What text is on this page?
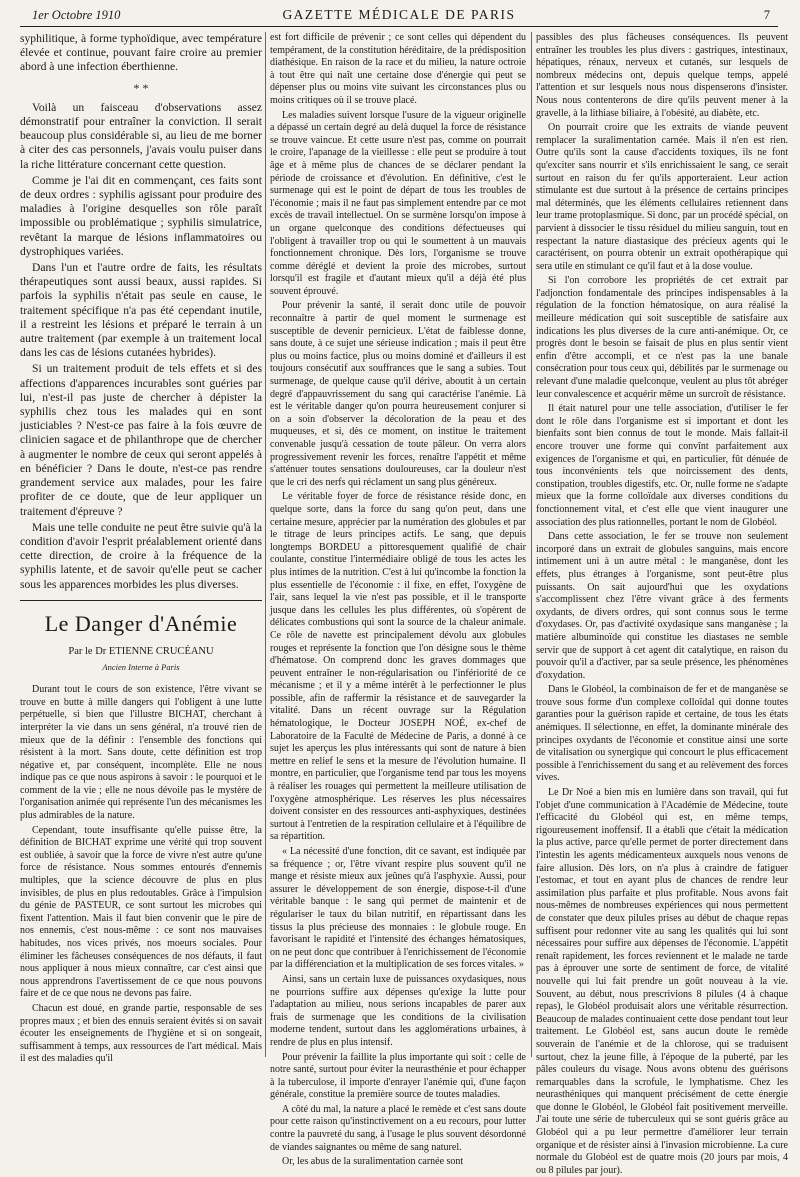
1er Octobre 1910	GAZETTE MÉDICALE DE PARIS	7

syphilitique, à forme typhoïdique, avec température élevée et continue, pouvant faire croire au premier abord à une infection éberthienne.

* *

Voilà un faisceau d'observations assez démonstratif pour entraîner la conviction. Il serait beaucoup plus considérable si, au lieu de me borner à citer des cas personnels, j'avais voulu puiser dans la riche littérature concernant cette question.

Comme je l'ai dit en commençant, ces faits sont de deux ordres : syphilis agissant pour produire des maladies à l'origine desquelles son rôle paraît impossible ou problématique ; syphilis simulatrice, revêtant la marque de lésions inflammatoires ou dystrophiques variées.

Dans l'un et l'autre ordre de faits, les résultats thérapeutiques sont aussi beaux, aussi rapides. Si parfois la syphilis n'était pas seule en cause, le traitement spécifique n'a pas été cependant inutile, il a restreint les lésions et préparé le terrain à un autre traitement (par exemple à un traitement local dans les cas de lésions cutanées hybrides).

Si un traitement produit de tels effets et si des affections d'apparences incurables sont guéries par lui, n'est-il pas juste de chercher à dépister la syphilis chez tous les malades qui en sont justiciables ? N'est-ce pas faire à la fois œuvre de clinicien sagace et de philanthrope que de chercher à augmenter le nombre de ceux qui seront appelés à en bénéficier ? Dans le doute, n'est-ce pas rendre grandement service aux malades, pour les faire profiter de ce doute, que de leur appliquer un traitement d'épreuve ?

Mais une telle conduite ne peut être suivie qu'à la condition d'avoir l'esprit préalablement orienté dans cette direction, de croire à la fréquence de la syphilis latente, et de savoir qu'elle peut se cacher sous les apparences morbides les plus diverses.

Le Danger d'Anémie
Par le Dr ETIENNE CRUCÉANU
Ancien Interne à Paris

Durant tout le cours de son existence, l'être vivant se trouve en butte à mille dangers qui l'obligent à une lutte perpétuelle, si bien que l'illustre BICHAT, cherchant à interpréter la vie dans un sens général, n'a trouvé rien de mieux que de la définir : l'ensemble des fonctions qui résistent à la mort. Sans doute, cette définition est trop négative et, par conséquent, incomplète. Elle ne nous indique pas ce que nous aspirons à savoir : le pourquoi et le comment de la vie ; elle ne nous dévoile pas le mystère de l'organisation animée qui représente l'un des mécanismes les plus admirables de la nature.

Cependant, toute insuffisante qu'elle puisse être, la définition de BICHAT exprime une vérité qui trop souvent est oubliée, à savoir que la force de vivre n'est autre qu'une force de résistance. Nous sommes entourés d'ennemis multiples, que la science découvre de plus en plus invisibles, de plus en plus redoutables. Grâce à l'impulsion du génie de PASTEUR, ce sont surtout les microbes qui fixent l'attention. Mais il faut bien convenir que le pire de nos ennemis, c'est nous-même : ce sont nos mauvaises habitudes, nos vices privés, nos moeurs sociales. Pour éliminer les fâcheuses conséquences de nos défauts, il faut nous appliquer à nous mieux connaître, car c'est ainsi que nous apprendrons l'avertissement de ce que nous pouvons faire et de ce que nous ne devons pas faire.

Chacun est doué, en grande partie, responsable de ses propres maux ; et bien des ennuis seraient évités si on savait écouter les enseignements de l'hygiène et si on songeait, suffisamment à temps, aux ressources de l'art médical. Mais il est des maladies qu'il

est fort difficile de prévenir ; ce sont celles qui dépendent du tempérament, de la constitution héréditaire, de la prédisposition diathésique. En raison de la race et du milieu, la nature octroie à tout être qui naît une certaine dose d'énergie qui peut se dépenser plus ou moins vite suivant les circonstances plus ou moins critiques où il se trouve placé.

Les maladies suivent lorsque l'usure de la vigueur originelle a dépassé un certain degré au delà duquel la force de résistance se trouve vaincue. Et cette usure n'est pas, comme on pourrait le croire, l'apanage de la vieillesse : elle peut se produire à tout âge et à même plus de chances de se déclarer pendant la période de croissance et d'évolution. En définitive, c'est le surmenage qui est le point de départ de tous les troubles de l'économie ; mais il ne faut pas simplement entendre par ce mot excès de travail intellectuel. On se surmène lorsqu'on impose à un organe quelconque des conditions défectueuses qui l'obligent à travailler trop ou qui le soumettent à un mauvais fonctionnement chronique. Dès lors, l'organisme se trouve comme déréglé et devient la proie des microbes, surtout lorsqu'il est fragile et d'autant mieux qu'il a déjà été plus souvent éprouvé.

Pour prévenir la santé, il serait donc utile de pouvoir reconnaître à partir de quel moment le surmenage est susceptible de devenir pernicieux. L'état de faiblesse donne, sans doute, à ce sujet une sérieuse indication ; mais il peut être plus ou moins factice, plus ou moins dominé et d'ailleurs il est toujours consécutif aux souffrances que le sang a subies. Tout surmenage, de quelque cause qu'il dérive, aboutit à un certain degré d'appauvrissement du sang qui caractérise l'anémie. Là est le véritable danger qu'on pourra heureusement conjurer si on a soin d'observer la décoloration de la peau et des muqueuses, et si, dès ce moment, on institue le traitement convenable jusqu'à cessation de toute pâleur. On verra alors progressivement revenir les forces, renaître l'appétit et même s'atténuer toutes sensations douloureuses, car la douleur n'est que le cri des nerfs qui réclament un sang plus généreux.

Le véritable foyer de force de résistance réside donc, en quelque sorte, dans la force du sang qu'on peut, dans une certaine mesure, apprécier par la numération des globules et par le titrage de leurs principes actifs. Le sang, que depuis longtemps BORDEU a pittoresquement qualifié de chair coulante, constitue l'intermédiaire obligé de tous les actes les plus intimes de la nutrition. C'est à lui qu'incombe la fonction la plus essentielle de l'économie : il fixe, en effet, l'oxygène de l'air, sans lequel la vie n'est pas possible, et il le transporte jusque dans les cellules les plus différentes, où s'opèrent de délicates combustions qui sont la source de la chaleur animale. Ce rôle de navette est principalement dévolu aux globules rouges et représente la fonction que l'on désigne sous le thème d'hématose. On comprend donc les graves dommages que peuvent entraîner le non-régularisation ou l'infériorité de ce mécanisme ; et il y a même intérêt à le perfectionner le plus possible, afin de raffermir la résistance et de sauvegarder la vitalité. Dans un récent ouvrage sur la Régulation hématologique, le Docteur JOSEPH NOÉ, ex-chef de Laboratoire de la Faculté de Médecine de Paris, a donné à ce sujet les aperçus les plus intéressants qui sont de nature à bien mettre en relief le sens et la mesure de l'évolution humaine. Il montre, en particulier, que l'organisme tend par tous les moyens à réaliser les rouages qui permettent la meilleure utilisation de l'oxygène atmosphérique. Les réserves les plus nécessaires doivent consister en des ressources anti-asphyxiques, destinées surtout à l'entretien de la respiration cellulaire et à l'équilibre de sa répartition.

« La nécessité d'une fonction, dit ce savant, est indiquée par sa fréquence ; or, l'être vivant respire plus souvent qu'il ne mange et résiste mieux aux jeûnes qu'à l'asphyxie. Aussi, pour assurer le développement de son énergie, dispose-t-il d'une véritable banque : le sang qui permet de maintenir et de régulariser le taux du bilan nutritif, en répartissant dans les tissus la plus précieuse des monnaies : le globule rouge. En favorisant le rapidité et l'intensité des échanges hématosiques, on ne peut donc que contribuer à l'enrichissement de l'économie par la différenciation et la multiplication de ses forces vitales. »

Ainsi, sans un certain luxe de puissances oxydasiques, nous ne pourrions suffire aux dépenses qu'exige la lutte pour l'adaptation au milieu, nous serions incapables de parer aux frais de surmenage que les conditions de la civilisation moderne tendent, surtout dans les agglomérations urbaines, à rendre de plus en plus intensif.

Pour prévenir la faillite la plus importante qui soit : celle de notre santé, surtout pour éviter la neurasthénie et pour échapper à la tuberculose, il importe d'enrayer l'anémie qui, d'une façon générale, constitue la première source de toutes maladies.

A côté du mal, la nature a placé le remède et c'est sans doute pour cette raison qu'instinctivement on a eu recours, pour lutter contre la pauvreté du sang, à l'usage le plus souvent désordonné de viandes saignantes ou même de sang naturel.

Or, les abus de la suralimentation carnée sont

passibles des plus fâcheuses conséquences. Ils peuvent entraîner les troubles les plus divers : gastriques, intestinaux, hépatiques, rénaux, nerveux et cutanés, sur lesquels de nombreux médecins ont, depuis quelque temps, appelé l'attention et sur lesquels nous nous dispenserons d'insister. Nous nous contenterons de dire qu'ils peuvent mener à la gravelle, à la lithiase biliaire, à l'obésité, au diabète, etc.

On pourrait croire que les extraits de viande peuvent remplacer la suralimentation carnée. Mais il n'en est rien. Outre qu'ils sont la cause d'accidents toxiques, ils ne font qu'exciter sans nourrir et s'ils enrichissaient le sang, ce serait surtout en raison du fer qu'ils apporteraient. Leur action stimulante est due surtout à la présence de certains principes mal déterminés, que les éléments cellulaires retiennent dans leur trame protoplasmique. Si donc, par un procédé spécial, on parvient à dissocier le tissu résiduel du milieu sanguin, tout en respectant la nature diastasique des précieux agents qui le caractérisent, on pourra obtenir un extrait opothérapique qui sera utile en stimulant ce qu'il faut et à la dose voulue.

Si l'on corrobore les propriétés de cet extrait par l'adjonction fondamentale des principes indispensables à la régulation de la fonction hématosique, on aura réalisé la meilleure médication qui soit susceptible de satisfaire aux indications les plus diverses de la cure anti-anémique. Or, ce progrès dont le besoin se faisait de plus en plus sentir vient enfin d'être accompli, et ce n'est pas la une banale consécration pour tous ceux qui, débilités par le surmenage ou relevant d'une maladie quelconque, veulent au plus tôt abréger leur convalescence et acquérir même un surcroît de résistance.

Il était naturel pour une telle association, d'utiliser le fer dont le rôle dans l'organisme est si important et dont les bienfaits sont bien connus de tout le monde. Mais fallait-il encore trouver une forme qui convînt parfaitement aux exigences de l'organisme et qui, en particulier, fût dénuée de tous inconvénients tels que noircissement des dents, constipation, troubles digestifs, etc. Or, nulle forme ne s'adapte mieux que la forme colloïdale aux diverses conditions du fonctionnement vital, et c'est elle que vient inaugurer une association des plus rationnelles, portant le nom de Globéol.

Dans cette association, le fer se trouve non seulement incorporé dans un extrait de globules sanguins, mais encore intimement uni à un autre métal : le manganèse, dont les effets, plus étranges à l'organisme, sont peut-être plus puissants. On sait aujourd'hui que les oxydations s'accomplissent chez l'être vivant grâce à des ferments oxydants, de divers ordres, qui sont connus sous le terme d'oxydases. Or, pas d'activité oxydasique sans manganèse ; la matière albuminoïde qui constitue les diastases ne semble servir que de support à cet agent dit catalytique, en raison du pouvoir qu'il a d'activer, par sa seule présence, les phénomènes d'oxydation.

Dans le Globéol, la combinaison de fer et de manganèse se trouve sous forme d'un complexe colloïdal qui donne toutes garanties pour la guérison rapide et certaine, de tous les états anémiques. Il sélectionne, en effet, la dominante minérale des principes oxydants de l'économie et constitue ainsi une sorte de vitalisation ou synergique qui concourt le plus efficacement possible à l'enrichissement du sang et au relèvement des forces vives.

Le Dr Noé a bien mis en lumière dans son travail, qui fut l'objet d'une communication à l'Académie de Médecine, toute l'efficacité du Globéol qui est, en même temps, rigoureusement inoffensif. Il a établi que c'était la médication la plus active, parce qu'elle permet de porter directement dans l'intestin les agents médicamenteux auxquels nous venons de faire allusion. Dès lors, on n'a plus à craindre de fatiguer l'estomac, et tout en ayant plus de chances de rendre leur assimilation plus parfaite et plus profitable. Nous avons fait nous-mêmes de nombreuses expériences qui nous permettent de constater que deux pilules prises au début de chaque repas suffisent pour redonner vite au sang les qualités qui lui sont nécessaires pour suffire aux dépenses de l'économie. L'appétit renaît rapidement, les forces reviennent et le malade ne tarde pas à éprouver une sorte de sentiment de force, de vitalité nouvelle qui lui fait prendre un goût nouveau à la vie. Souvent, au début, nous prescrivions 8 pilules (4 à chaque repas), le Globéol produisait alors une véritable résurrection. Beaucoup de malades continuaient cette dose pendant tout leur traitement. Le Globéol est, sans aucun doute le remède souverain de l'anémie et de la chlorose, qui se traduisent surtout, chez la jeune fille, à l'époque de la puberté, par les pâles couleurs du visage. Nous avons obtenu des guérisons remarquables dans la scrofule, le lymphatisme. Chez les neurasthéniques qui manquent précisément de cette énergie que donne le Globéol, le Globéol fait positivement merveille. J'ai toute une série de tuberculeux qui se sont guéris grâce au Globéol qui a pu leur permettre d'améliorer leur terrain organique et de résister ainsi à l'invasion microbienne. La cure normale du Globéol est de quatre mois (20 jours par mois, 4 ou 8 pilules par jour).
